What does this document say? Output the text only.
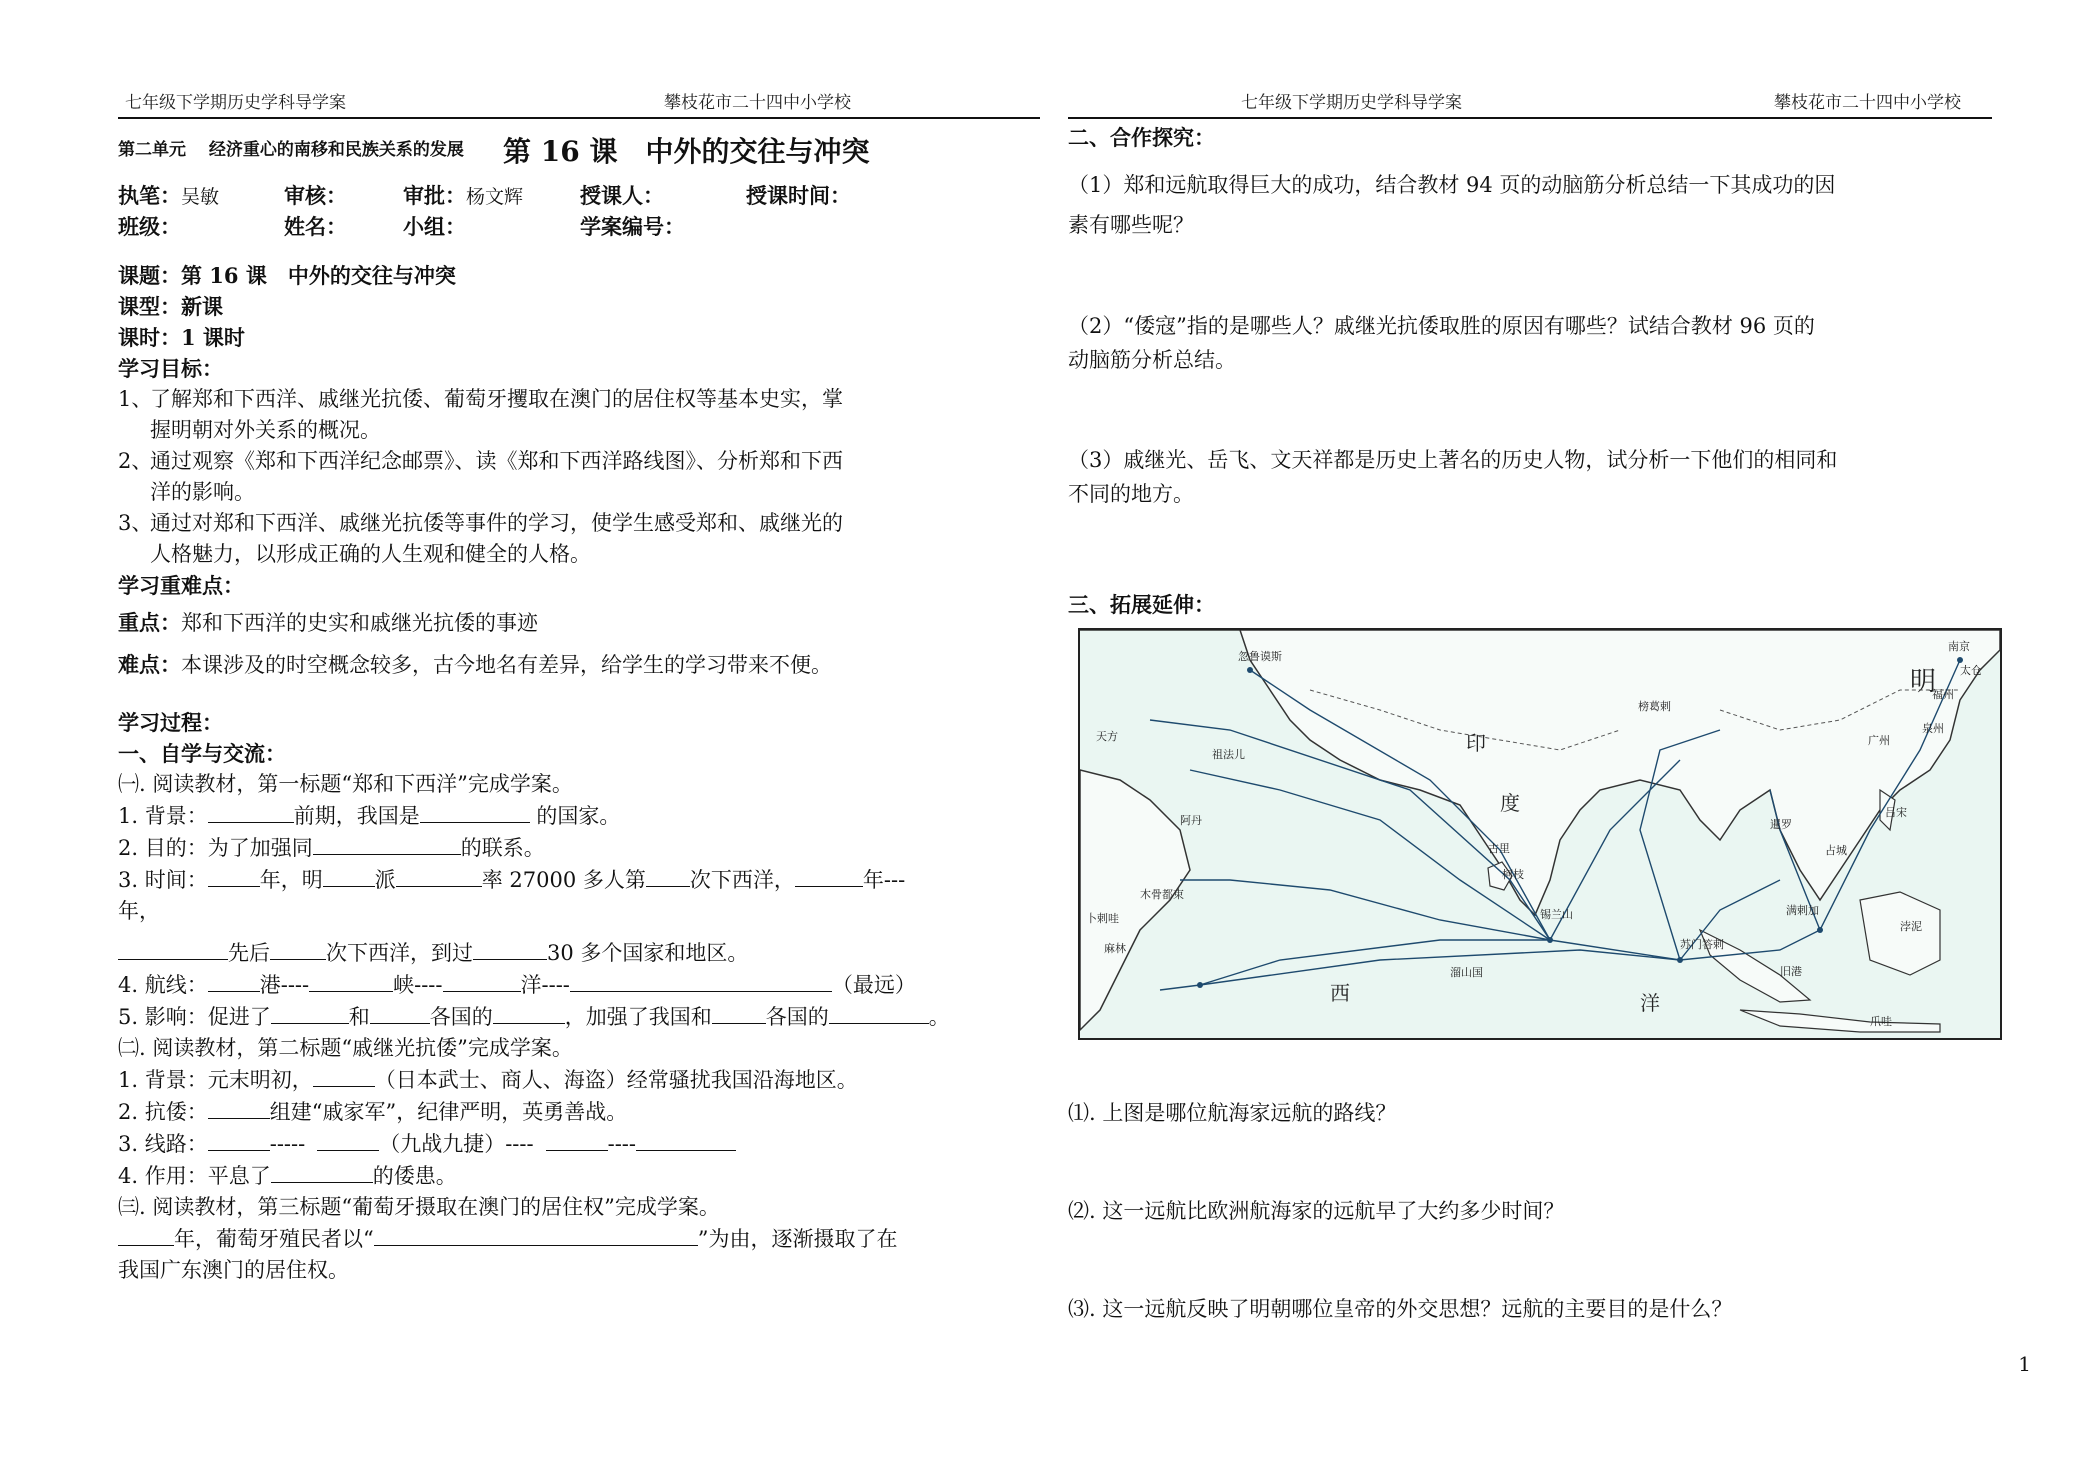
七年级下学期历史学科导学案	攀枝花市二十四中小学校	七年级下学期历史学科导学案	攀枝花市二十四中小学校
第二单元　 经济重心的南移和民族关系的发展 第 16 课　中外的交往与冲突
执笔：吴敏	审核：	审批：杨文辉	授课人：	授课时间：
班级：	姓名：	小组：	学案编号：
课题：第 16 课　中外的交往与冲突
课型：新课
课时：1 课时
学习目标：
1、
了解郑和下西洋、戚继光抗倭、葡萄牙攫取在澳门的居住权等基本史实，掌握明朝对外关系的概况。
2、
通过观察《郑和下西洋纪念邮票》、读《郑和下西洋路线图》、分析郑和下西洋的影响。
3、
通过对郑和下西洋、戚继光抗倭等事件的学习，使学生感受郑和、戚继光的人格魅力，以形成正确的人生观和健全的人格。
学习重难点：
重点：郑和下西洋的史实和戚继光抗倭的事迹
难点：本课涉及的时空概念较多，古今地名有差异，给学生的学习带来不便。
学习过程：
一、自学与交流：
㈠. 阅读教材，第一标题“郑和下西洋”完成学案。
1. 背景：	前期，我国是	的国家。
2. 目的：为了加强同	的联系。
3. 时间： 年，明 派	率 27000 多人第 次下西洋，	年---
年，
先后	次下西洋，到过	30 多个国家和地区。
4. 航线： 港----	峡----	洋----	（最远）
5. 影响：促进了	和	各国的	，加强了我国和	各国的	。
㈡. 阅读教材，第二标题“戚继光抗倭”完成学案。
1. 背景：元末明初，	（日本武士、商人、海盗）经常骚扰我国沿海地区。
2. 抗倭：	组建“戚家军”，纪律严明，英勇善战。
3. 线路：	-----	（九战九捷）----	----
4. 作用：平息了	的倭患。
㈢. 阅读教材，第三标题“葡萄牙摄取在澳门的居住权”完成学案。
年，葡萄牙殖民者以“	”为由，逐渐摄取了在
我国广东澳门的居住权。
二、合作探究：
（1）郑和远航取得巨大的成功，结合教材 94 页的动脑筋分析总结一下其成功的因
素有哪些呢？
（2）“倭寇”指的是哪些人？戚继光抗倭取胜的原因有哪些？试结合教材 96 页的
动脑筋分析总结。
（3）戚继光、岳飞、文天祥都是历史上著名的历史人物，试分析一下他们的相同和
不同的地方。
三、拓展延伸：
南京
太仓
福州
泉州
广州
吕宋
浡泥
爪哇
旧港
满剌加
苏门答剌
暹罗
占城
榜葛剌
古里
柯枝
锡兰山
溜山国
木骨都束
麻林
忽鲁谟斯
祖法儿
天方
阿丹
卜剌哇
明
印
度
西	洋
⑴. 上图是哪位航海家远航的路线？
⑵. 这一远航比欧洲航海家的远航早了大约多少时间？
⑶. 这一远航反映了明朝哪位皇帝的外交思想？远航的主要目的是什么？
1
